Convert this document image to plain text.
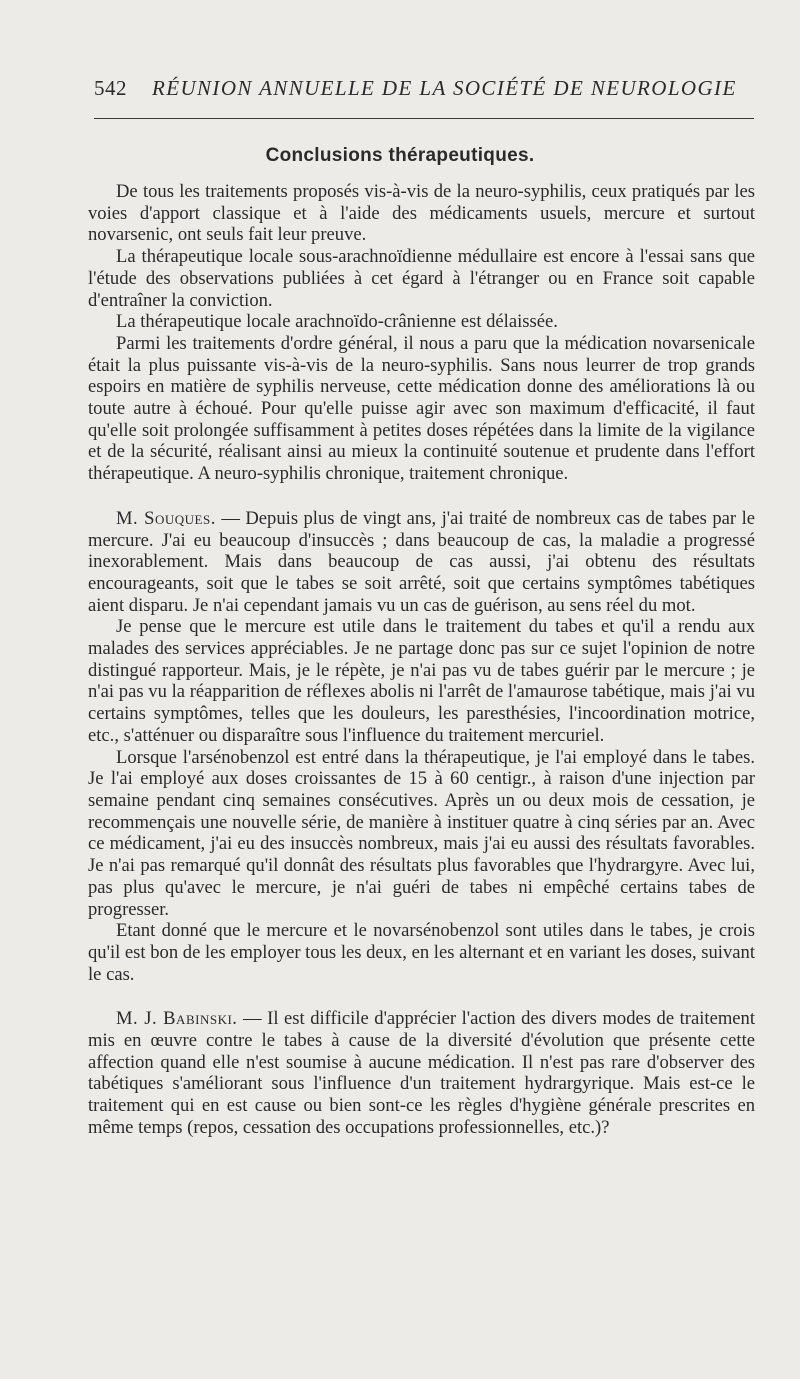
542 RÉUNION ANNUELLE DE LA SOCIÉTÉ DE NEUROLOGIE
Conclusions thérapeutiques.

De tous les traitements proposés vis-à-vis de la neuro-syphilis, ceux pratiqués par les voies d'apport classique et à l'aide des médicaments usuels, mercure et surtout novarsenic, ont seuls fait leur preuve.

La thérapeutique locale sous-arachnoïdienne médullaire est encore à l'essai sans que l'étude des observations publiées à cet égard à l'étranger ou en France soit capable d'entraîner la conviction.

La thérapeutique locale arachnoïdo-crânienne est délaissée.

Parmi les traitements d'ordre général, il nous a paru que la médication novarsenicale était la plus puissante vis-à-vis de la neuro-syphilis. Sans nous leurrer de trop grands espoirs en matière de syphilis nerveuse, cette médication donne des améliorations là ou toute autre à échoué. Pour qu'elle puisse agir avec son maximum d'efficacité, il faut qu'elle soit prolongée suffisamment à petites doses répétées dans la limite de la vigilance et de la sécurité, réalisant ainsi au mieux la continuité soutenue et prudente dans l'effort thérapeutique. A neuro-syphilis chronique, traitement chronique.

M. Souques. — Depuis plus de vingt ans, j'ai traité de nombreux cas de tabes par le mercure. J'ai eu beaucoup d'insuccès ; dans beaucoup de cas, la maladie a progressé inexorablement. Mais dans beaucoup de cas aussi, j'ai obtenu des résultats encourageants, soit que le tabes se soit arrêté, soit que certains symptômes tabétiques aient disparu. Je n'ai cependant jamais vu un cas de guérison, au sens réel du mot.

Je pense que le mercure est utile dans le traitement du tabes et qu'il a rendu aux malades des services appréciables. Je ne partage donc pas sur ce sujet l'opinion de notre distingué rapporteur. Mais, je le répète, je n'ai pas vu de tabes guérir par le mercure ; je n'ai pas vu la réapparition de réflexes abolis ni l'arrêt de l'amaurose tabétique, mais j'ai vu certains symptômes, telles que les douleurs, les paresthésies, l'incoordination motrice, etc., s'atténuer ou disparaître sous l'influence du traitement mercuriel.

Lorsque l'arsénobenzol est entré dans la thérapeutique, je l'ai employé dans le tabes. Je l'ai employé aux doses croissantes de 15 à 60 centigr., à raison d'une injection par semaine pendant cinq semaines consécutives. Après un ou deux mois de cessation, je recommençais une nouvelle série, de manière à instituer quatre à cinq séries par an. Avec ce médicament, j'ai eu des insuccès nombreux, mais j'ai eu aussi des résultats favorables. Je n'ai pas remarqué qu'il donnât des résultats plus favorables que l'hydrargyre. Avec lui, pas plus qu'avec le mercure, je n'ai guéri de tabes ni empêché certains tabes de progresser.

Etant donné que le mercure et le novarsénobenzol sont utiles dans le tabes, je crois qu'il est bon de les employer tous les deux, en les alternant et en variant les doses, suivant le cas.

M. J. Babinski. — Il est difficile d'apprécier l'action des divers modes de traitement mis en œuvre contre le tabes à cause de la diversité d'évolution que présente cette affection quand elle n'est soumise à aucune médication. Il n'est pas rare d'observer des tabétiques s'améliorant sous l'influence d'un traitement hydrargyrique. Mais est-ce le traitement qui en est cause ou bien sont-ce les règles d'hygiène générale prescrites en même temps (repos, cessation des occupations professionnelles, etc.)?
